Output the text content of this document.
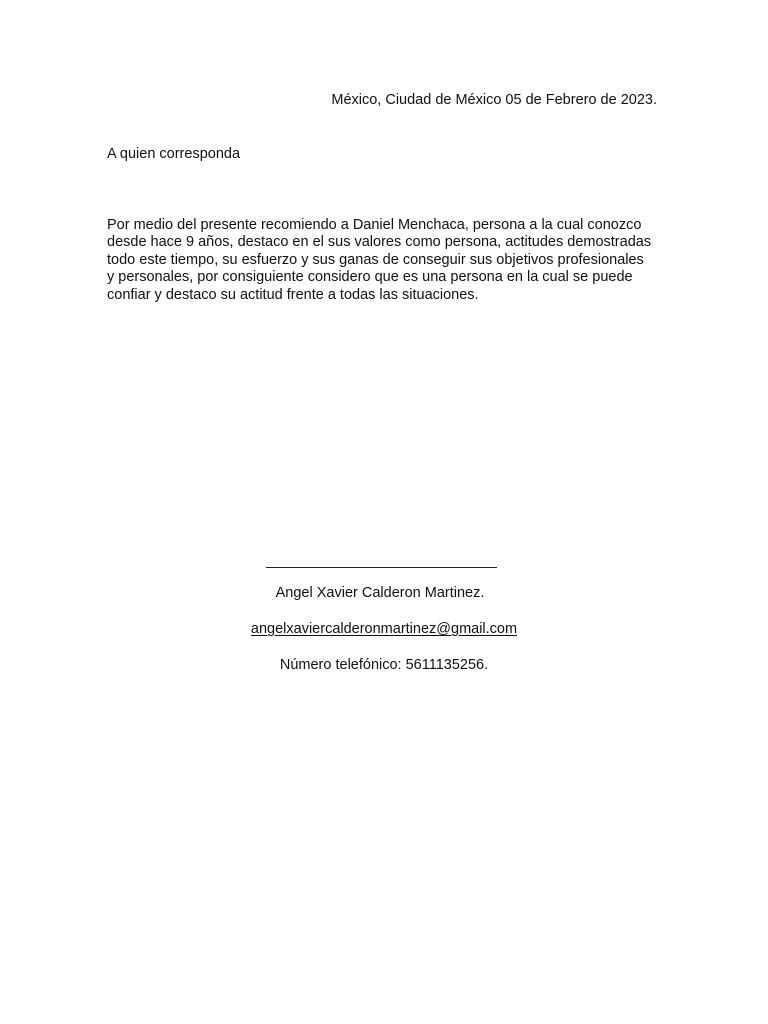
México, Ciudad de México 05 de Febrero de 2023.
A quien corresponda

Por medio del presente recomiendo a Daniel Menchaca, persona a la cual conozco desde hace 9 años, destaco en el sus valores como persona, actitudes demostradas todo este tiempo, su esfuerzo y sus ganas de conseguir sus objetivos profesionales y personales, por consiguiente considero que es una persona en la cual se puede confiar y destaco su actitud frente a todas las situaciones.

Angel Xavier Calderon Martinez.
angelxaviercalderonmartinez@gmail.com
Número telefónico: 5611135256.
